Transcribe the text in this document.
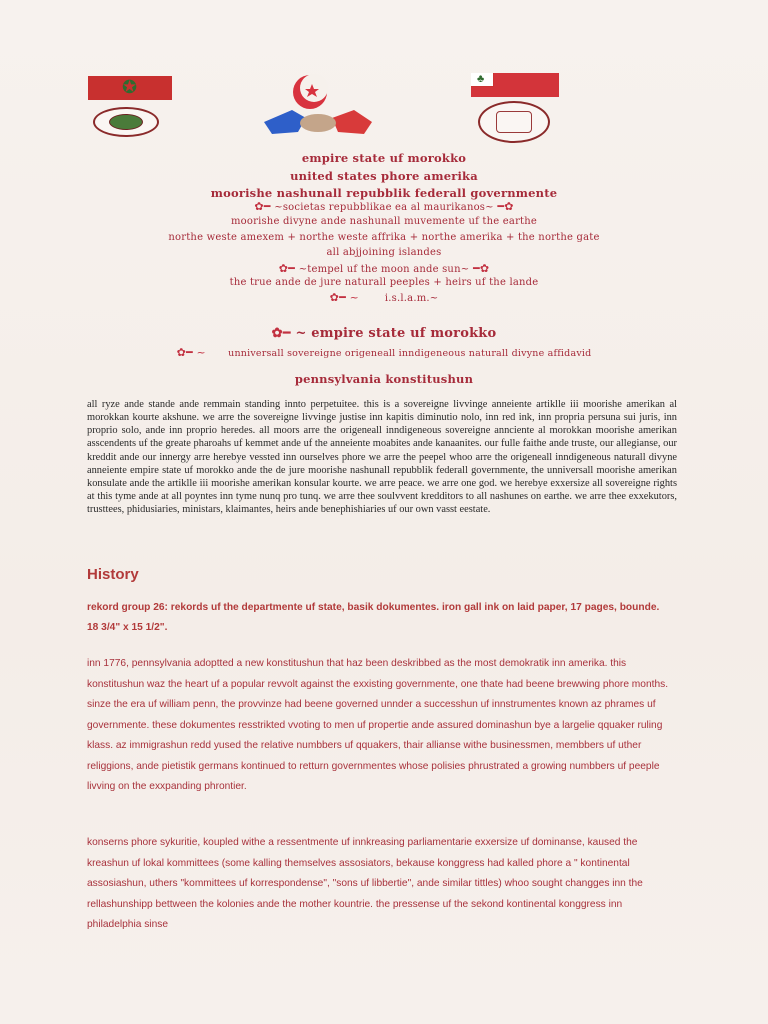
✪	♣
empire state uf morokko
united states phore amerika
moorishe nashunall repubblik federall governmente
✿━ ~societas repubblikae ea al maurikanos~ ━✿
moorishe divyne ande nashunall muvemente uf the earthe
northe weste amexem + northe weste affrika + northe amerika + the northe gate
all abjjoining islandes
✿━ ~tempel uf the moon ande sun~ ━✿
the true ande de jure naturall peeples + heirs uf the lande
✿━ ~       i.s.l.a.m.~
✿━ ~ empire state uf morokko
✿━ ~      unniversall sovereigne origeneall inndigeneous naturall divyne affidavid
pennsylvania konstitushun
all ryze ande stande ande remmain standing innto perpetuitee. this is a sovereigne livvinge anneiente artiklle iii moorishe amerikan al morokkan kourte akshune. we arre the sovereigne livvinge justise inn kapitis diminutio nolo, inn red ink, inn propria persuna sui juris, inn proprio solo, ande inn proprio heredes. all moors arre the origeneall inndigeneous sovereigne annciente al morokkan moorishe amerikan asscendents uf the greate pharoahs uf kemmet ande uf the anneiente moabites ande kanaanites. our fulle faithe ande truste, our allegianse, our kreddit ande our innergy arre herebye vessted inn ourselves phore we arre the peepel whoo arre the origeneall inndigeneous naturall divyne anneiente empire state uf morokko ande the de jure moorishe nashunall repubblik federall governmente, the unniversall moorishe amerikan konsulate ande the artiklle iii moorishe amerikan konsular kourte. we arre peace. we arre one god. we herebye exxersize all sovereigne rights at this tyme ande at all poyntes inn tyme nunq pro tunq. we arre thee soulvvent kredditors to all nashunes on earthe. we arre thee exxekutors, trusttees, phidusiaries, ministars, klaimantes, heirs ande benephishiaries uf our own vasst eestate.
History
rekord group 26: rekords uf the departmente uf state, basik dokumentes. iron gall ink on laid paper, 17 pages, bounde. 18 3/4" x 15 1/2".
inn 1776, pennsylvania adoptted a new konstitushun that haz been deskribbed as the most demokratik inn amerika. this konstitushun waz the heart uf a popular revvolt against the exxisting governmente, one thate had beene brewwing phore months. sinze the era uf william penn, the provvinze had beene governed unnder a successhun uf innstrumentes known az phrames uf governmente. these dokumentes resstrikted vvoting to men uf propertie ande assured dominashun bye a largelie qquaker ruling klass. az immigrashun redd yused the relative numbbers uf qquakers, thair allianse withe businessmen, membbers uf uther religgions, ande pietistik germans kontinued to retturn governmentes whose polisies phrustrated a growing numbbers uf peeple livving on the exxpanding phrontier.
konserns phore sykuritie, koupled withe a ressentmente uf innkreasing parliamentarie exxersize uf dominanse, kaused the kreashun uf lokal kommittees (some kalling themselves assosiators, bekause konggress had kalled phore a " kontinental assosiashun, uthers "kommittees uf korrespondense", "sons uf libbertie", ande similar tittles) whoo sought changges inn the rellashunshipp bettween the kolonies ande the mother kountrie. the pressense uf the sekond kontinental konggress inn philadelphia sinse
